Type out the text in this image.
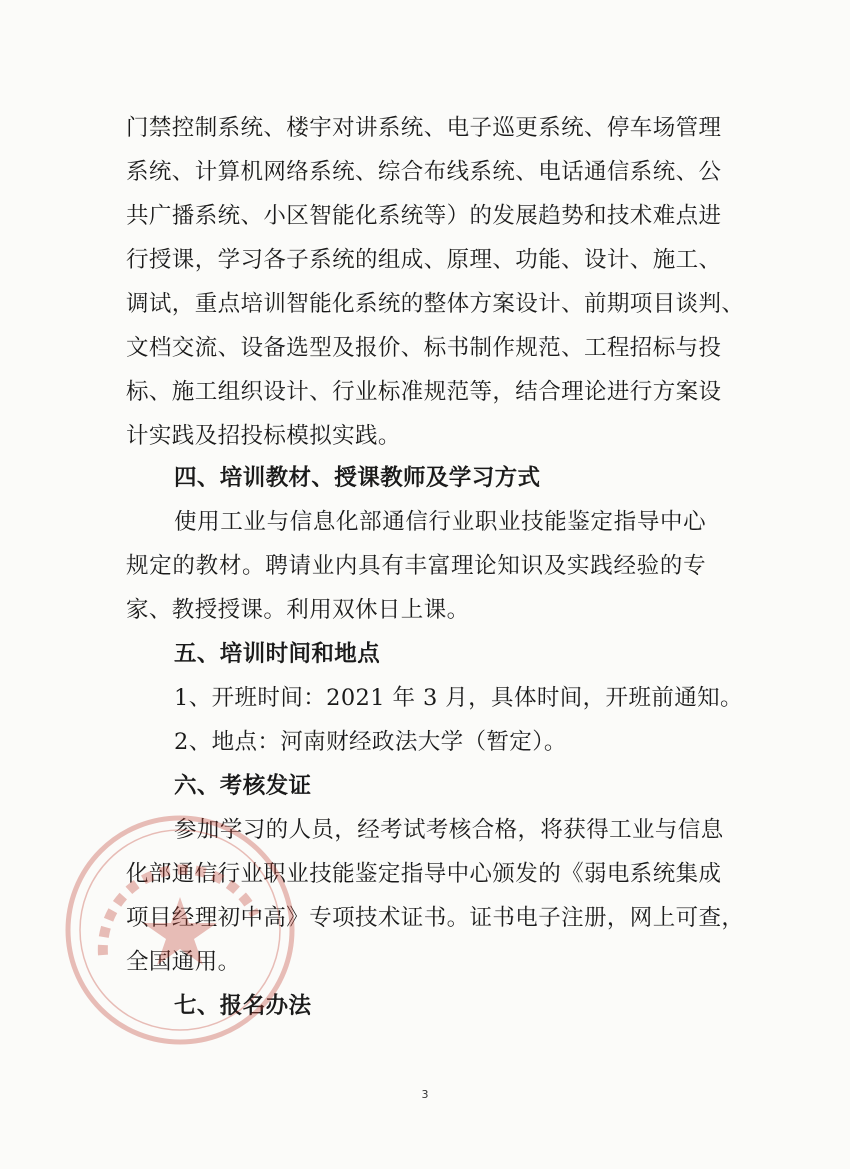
门禁控制系统、楼宇对讲系统、电子巡更系统、停车场管理
系统、计算机网络系统、综合布线系统、电话通信系统、公
共广播系统、小区智能化系统等）的发展趋势和技术难点进
行授课，学习各子系统的组成、原理、功能、设计、施工、
调试，重点培训智能化系统的整体方案设计、前期项目谈判、
文档交流、设备选型及报价、标书制作规范、工程招标与投
标、施工组织设计、行业标准规范等，结合理论进行方案设
计实践及招投标模拟实践。
四、培训教材、授课教师及学习方式
使用工业与信息化部通信行业职业技能鉴定指导中心
规定的教材。聘请业内具有丰富理论知识及实践经验的专
家、教授授课。利用双休日上课。
五、培训时间和地点
1、开班时间：2021 年 3 月，具体时间，开班前通知。
2、地点：河南财经政法大学（暂定）。
六、考核发证
参加学习的人员，经考试考核合格，将获得工业与信息
化部通信行业职业技能鉴定指导中心颁发的《弱电系统集成
项目经理初中高》专项技术证书。证书电子注册，网上可查，
全国通用。
七、报名办法
3
